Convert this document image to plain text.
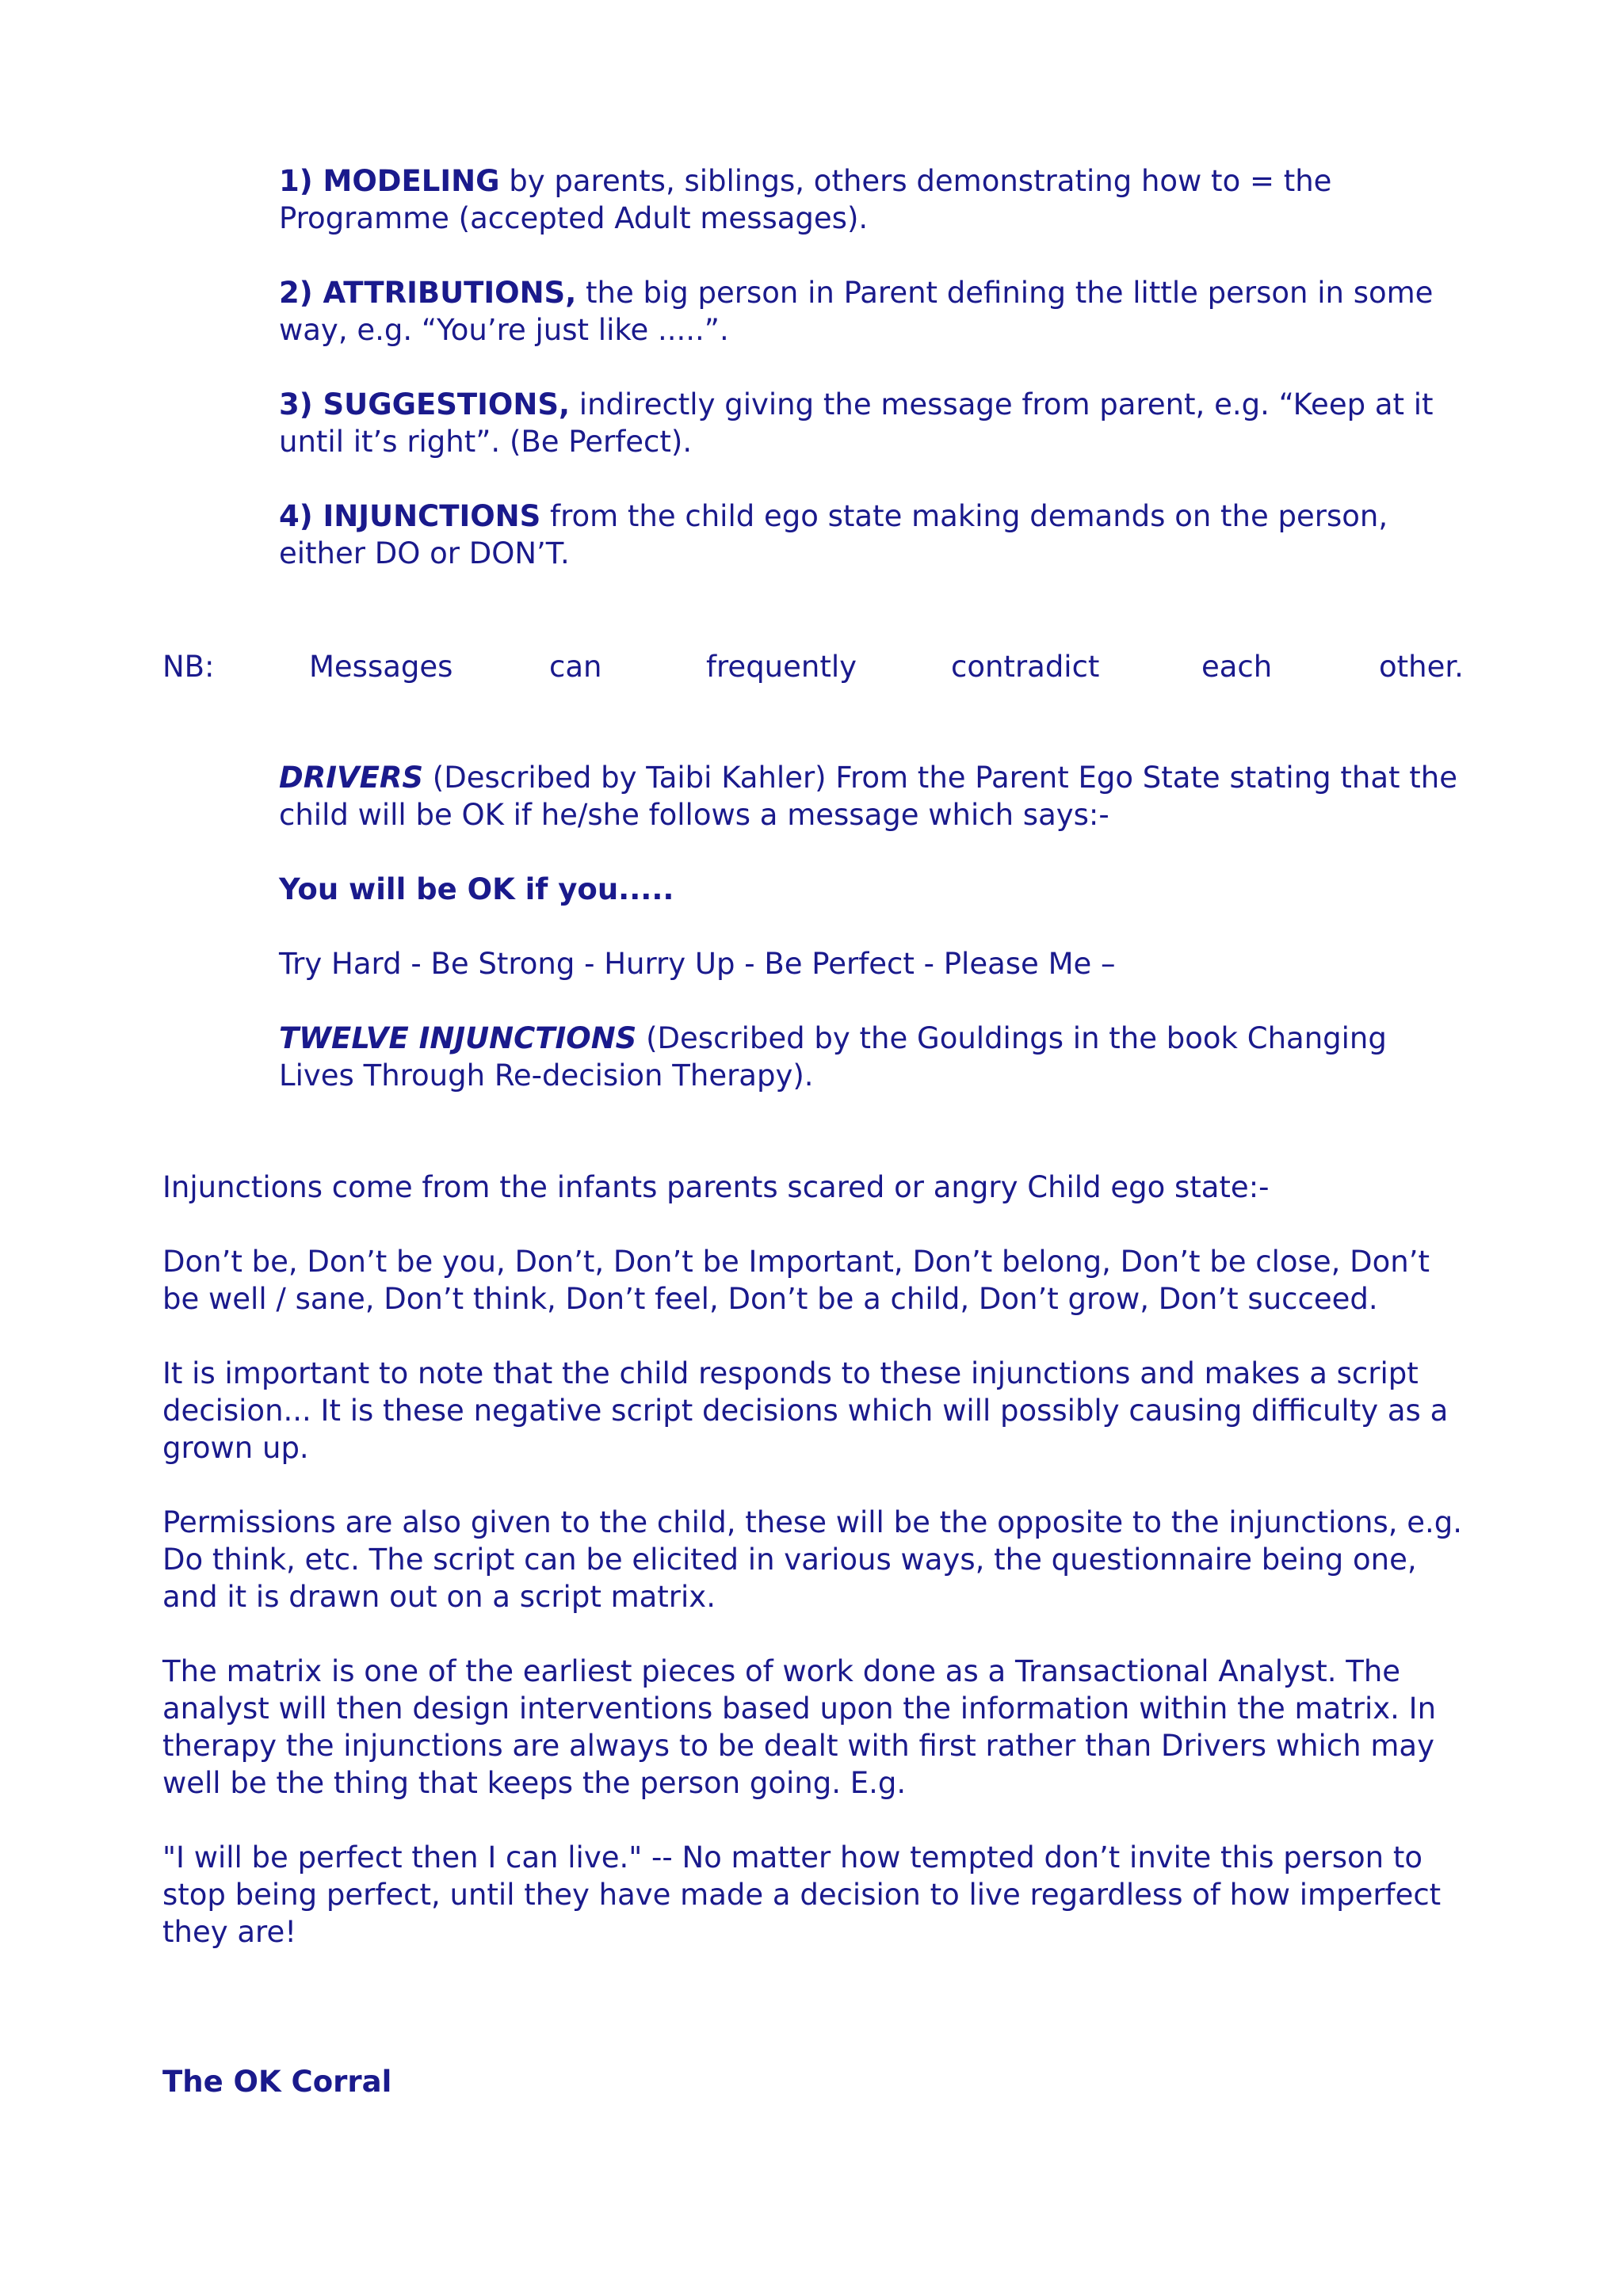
1) MODELING by parents, siblings, others demonstrating how to = the Programme (accepted Adult messages).

2) ATTRIBUTIONS, the big person in Parent defining the little person in some way, e.g. “You’re just like .....”.

3) SUGGESTIONS, indirectly giving the message from parent, e.g. “Keep at it until it’s right”. (Be Perfect).

4) INJUNCTIONS from the child ego state making demands on the person, either DO or DON’T.

NB:	Messages	can	frequently	contradict	each	other.

DRIVERS (Described by Taibi Kahler) From the Parent Ego State stating that the child will be OK if he/she follows a message which says:-

You will be OK if you.....

Try Hard - Be Strong - Hurry Up - Be Perfect - Please Me –

TWELVE INJUNCTIONS (Described by the Gouldings in the book Changing Lives Through Re-decision Therapy).

Injunctions come from the infants parents scared or angry Child ego state:-

Don’t be, Don’t be you, Don’t, Don’t be Important, Don’t belong, Don’t be close, Don’t be well / sane, Don’t think, Don’t feel, Don’t be a child, Don’t grow, Don’t succeed.

It is important to note that the child responds to these injunctions and makes a script decision... It is these negative script decisions which will possibly causing difficulty as a grown up.

Permissions are also given to the child, these will be the opposite to the injunctions, e.g. Do think, etc. The script can be elicited in various ways, the questionnaire being one, and it is drawn out on a script matrix.

The matrix is one of the earliest pieces of work done as a Transactional Analyst. The analyst will then design interventions based upon the information within the matrix. In therapy the injunctions are always to be dealt with first rather than Drivers which may well be the thing that keeps the person going. E.g.

"I will be perfect then I can live." -- No matter how tempted don’t invite this person to stop being perfect, until they have made a decision to live regardless of how imperfect they are!

The OK Corral
